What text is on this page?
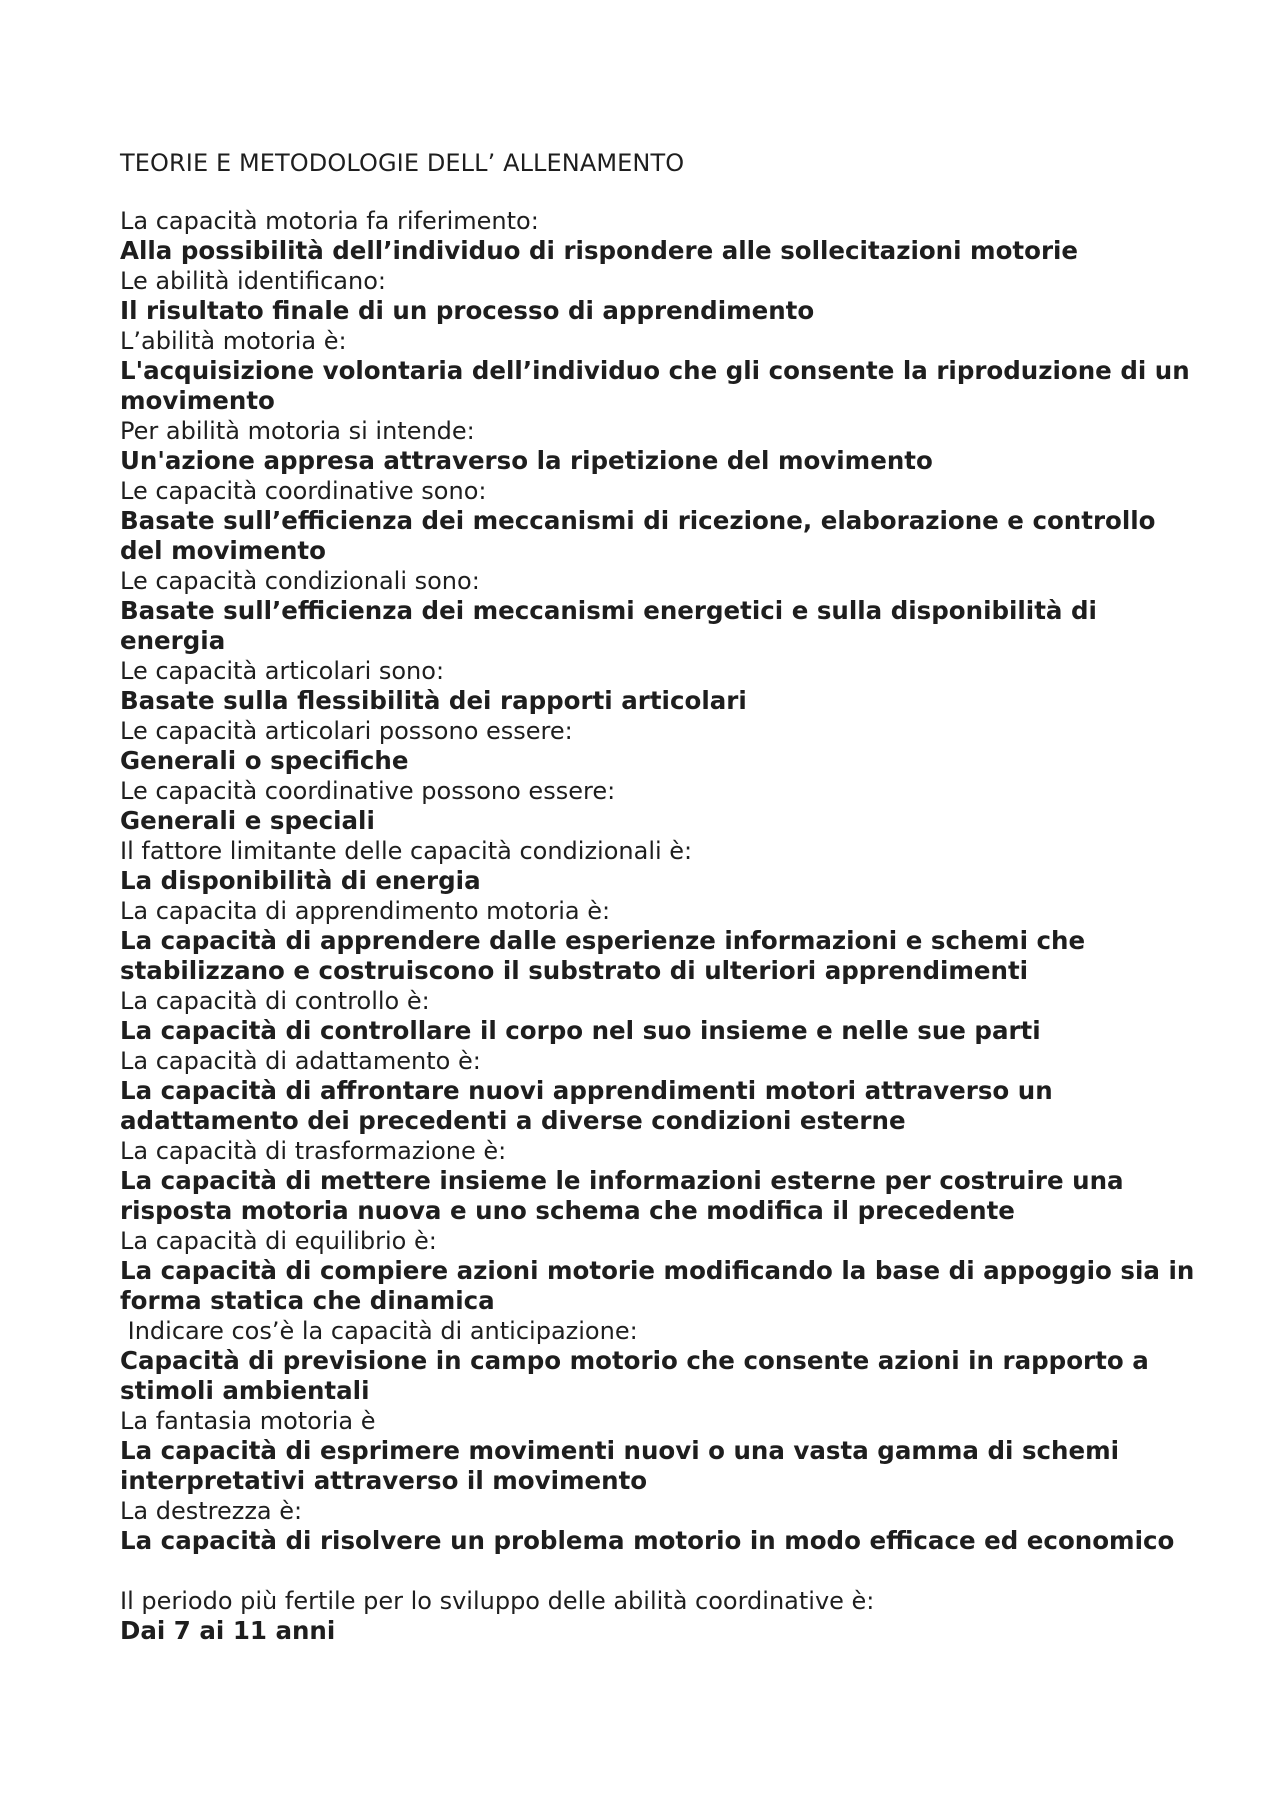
TEORIE E METODOLOGIE DELL’ ALLENAMENTO
La capacità motoria fa riferimento:
Alla possibilità dell’individuo di rispondere alle sollecitazioni motorie
Le abilità identificano:
Il risultato finale di un processo di apprendimento
L’abilità motoria è:
L'acquisizione volontaria dell’individuo che gli consente la riproduzione di un movimento
Per abilità motoria si intende:
Un'azione appresa attraverso la ripetizione del movimento
Le capacità coordinative sono:
Basate sull’efficienza dei meccanismi di ricezione, elaborazione e controllo del movimento
Le capacità condizionali sono:
Basate sull’efficienza dei meccanismi energetici e sulla disponibilità di energia
Le capacità articolari sono:
Basate sulla flessibilità dei rapporti articolari
Le capacità articolari possono essere:
Generali o specifiche
Le capacità coordinative possono essere:
Generali e speciali
Il fattore limitante delle capacità condizionali è:
La disponibilità di energia
La capacita di apprendimento motoria è:
La capacità di apprendere dalle esperienze informazioni e schemi che stabilizzano e costruiscono il substrato di ulteriori apprendimenti
La capacità di controllo è:
La capacità di controllare il corpo nel suo insieme e nelle sue parti
La capacità di adattamento è:
La capacità di affrontare nuovi apprendimenti motori attraverso un adattamento dei precedenti a diverse condizioni esterne
La capacità di trasformazione è:
La capacità di mettere insieme le informazioni esterne per costruire una risposta motoria nuova e uno schema che modifica il precedente
La capacità di equilibrio è:
La capacità di compiere azioni motorie modificando la base di appoggio sia in forma statica che dinamica
Indicare cos’è la capacità di anticipazione:
Capacità di previsione in campo motorio che consente azioni in rapporto a stimoli ambientali
La fantasia motoria è
La capacità di esprimere movimenti nuovi o una vasta gamma di schemi interpretativi attraverso il movimento
La destrezza è:
La capacità di risolvere un problema motorio in modo efficace ed economico
Il periodo più fertile per lo sviluppo delle abilità coordinative è:
Dai 7 ai 11 anni
